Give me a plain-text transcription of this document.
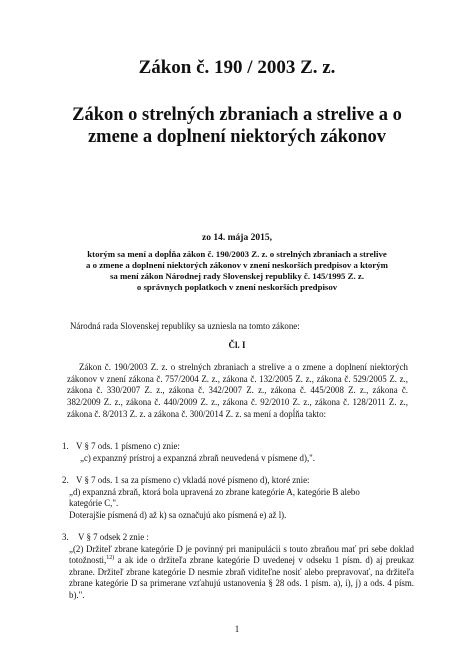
Zákon č. 190 / 2003 Z. z.
Zákon o strelných zbraniach a strelive a o
zmene a doplnení niektorých zákonov
zo 14. mája 2015,
ktorým sa mení a dopĺňa zákon č. 190/2003 Z. z. o strelných zbraniach a strelive
a o zmene a doplnení niektorých zákonov v znení neskorších predpisov a ktorým
sa mení zákon Národnej rady Slovenskej republiky č. 145/1995 Z. z.
o správnych poplatkoch v znení neskorších predpisov
Národná rada Slovenskej republiky sa uzniesla na tomto zákone:
Čl. I
Zákon č. 190/2003 Z. z. o strelných zbraniach a strelive a o zmene a doplnení niektorých zákonov v znení zákona č. 757/2004 Z. z., zákona č. 132/2005 Z. z., zákona č. 529/2005 Z. z., zákona č. 330/2007 Z. z., zákona č. 342/2007 Z. z., zákona č. 445/2008 Z. z., zákona č. 382/2009 Z. z., zákona č. 440/2009 Z. z., zákona č. 92/2010 Z. z., zákona č. 128/2011 Z. z., zákona č. 8/2013 Z. z. a zákona č. 300/2014 Z. z. sa mení a dopĺňa takto:
1. V § 7 ods. 1 písmeno c) znie:
„c) expanzný prístroj a expanzná zbraň neuvedená v písmene d),".
2. V § 7 ods. 1 sa za písmeno c) vkladá nové písmeno d), ktoré znie:
„d) expanzná zbraň, ktorá bola upravená zo zbrane kategórie A, kategórie B alebo
kategórie C,".
Doterajšie písmená d) až k) sa označujú ako písmená e) až l).
3. V § 7 odsek 2 znie :
„(2) Držiteľ zbrane kategórie D je povinný pri manipulácii s touto zbraňou mať pri sebe doklad totožnosti,$^{12)}$ a ak ide o držiteľa zbrane kategórie D uvedenej v odseku 1 písm. d) aj preukaz zbrane. Držiteľ zbrane kategórie D nesmie zbraň viditeľne nosiť alebo prepravovať, na držiteľa zbrane kategórie D sa primerane vzťahujú ustanovenia § 28 ods. 1 písm. a), i), j) a ods. 4 písm. b).".
1
